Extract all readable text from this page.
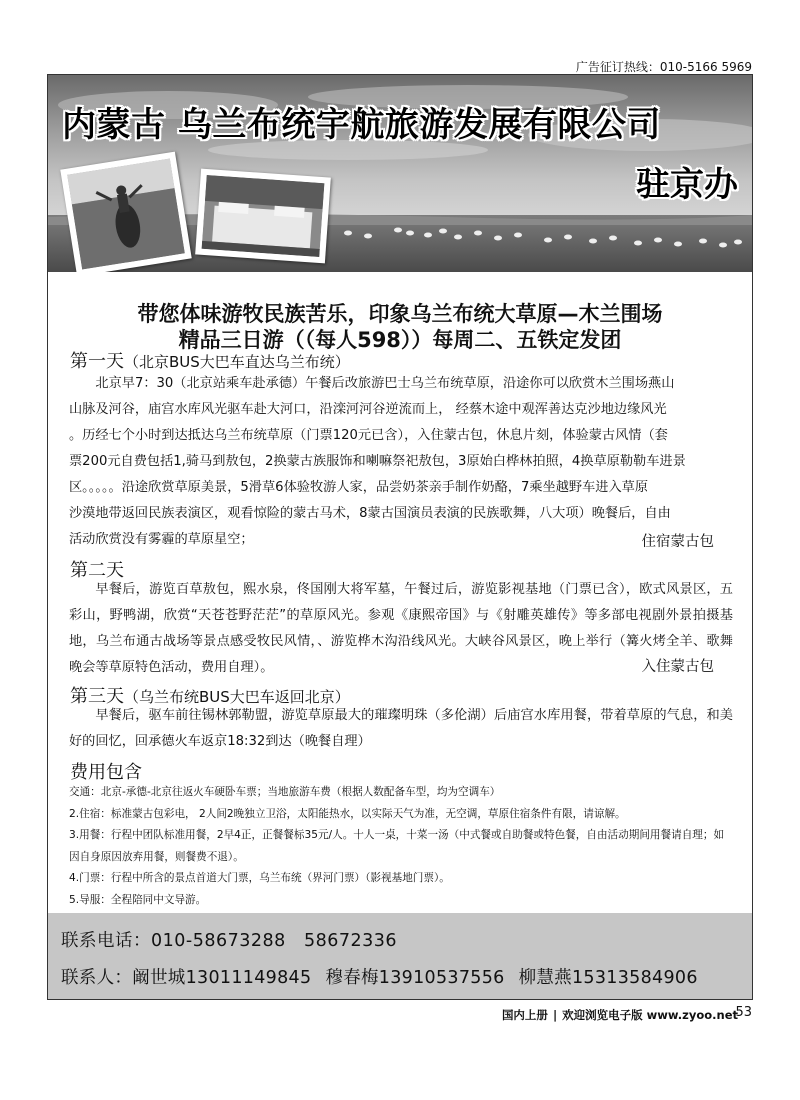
广告征订热线：010-5166 5969
内蒙古 乌兰布统宇航旅游发展有限公司
驻京办
带您体味游牧民族苦乐，印象乌兰布统大草原—木兰围场
精品三日游（（每人598））每周二、五铁定发团
第一天（北京BUS大巴车直达乌兰布统）
北京早7：30（北京站乘车赴承德）午餐后改旅游巴士乌兰布统草原，沿途你可以欣赏木兰围场燕山
山脉及河谷，庙宫水库风光驱车赴大河口，沿滦河河谷逆流而上， 经蔡木途中观浑善达克沙地边缘风光
。历经七个小时到达抵达乌兰布统草原（门票120元已含），入住蒙古包，休息片刻，体验蒙古风情（套
票200元自费包括1,骑马到敖包，2换蒙古族服饰和喇嘛祭祀敖包，3原始白桦林拍照，4换草原勒勒车进景
区。。。。。沿途欣赏草原美景，5滑草6体验牧游人家，品尝奶茶亲手制作奶酪，7乘坐越野车进入草原
沙漠地带返回民族表演区，观看惊险的蒙古马术，8蒙古国演员表演的民族歌舞，八大项）晚餐后，自由
活动欣赏没有雾霾的草原星空；	住宿蒙古包
第二天
早餐后，游览百草敖包，熙水泉，佟国刚大将军墓，午餐过后，游览影视基地（门票已含），欧式风景区，五彩山，野鸭湖，欣赏“天苍苍野茫茫”的草原风光。参观《康熙帝国》与《射雕英雄传》等多部电视剧外景拍摄基地，乌兰布通古战场等景点感受牧民风情，、游览桦木沟沿线风光。大峡谷风景区，晚上举行（篝火烤全羊、歌舞晚会等草原特色活动，费用自理）。	入住蒙古包
第三天（乌兰布统BUS大巴车返回北京）
早餐后，驱车前往锡林郭勒盟，游览草原最大的璀璨明珠（多伦湖）后庙宫水库用餐，带着草原的气息，和美好的回忆，回承德火车返京18:32到达（晚餐自理）
费用包含

交通：北京-承德-北京往返火车硬卧车票；当地旅游车费（根据人数配备车型，均为空调车）

2.住宿：标准蒙古包彩电， 2人间2晚独立卫浴，太阳能热水，以实际天气为准，无空调，草原住宿条件有限，请谅解。

3.用餐：行程中团队标准用餐，2早4正，正餐餐标35元/人。十人一桌，十菜一汤（中式餐或自助餐或特色餐，自由活动期间用餐请自理；如因自身原因放弃用餐，则餐费不退）。

4.门票：行程中所含的景点首道大门票，乌兰布统（界河门票）（影视基地门票）。

5.导服：全程陪同中文导游。

联系电话：010-58673288   58672336
联系人：阚世城13011149845 穆春梅13910537556 柳慧燕15313584906
国内上册 | 欢迎浏览电子版 www.zyoo.net
53
